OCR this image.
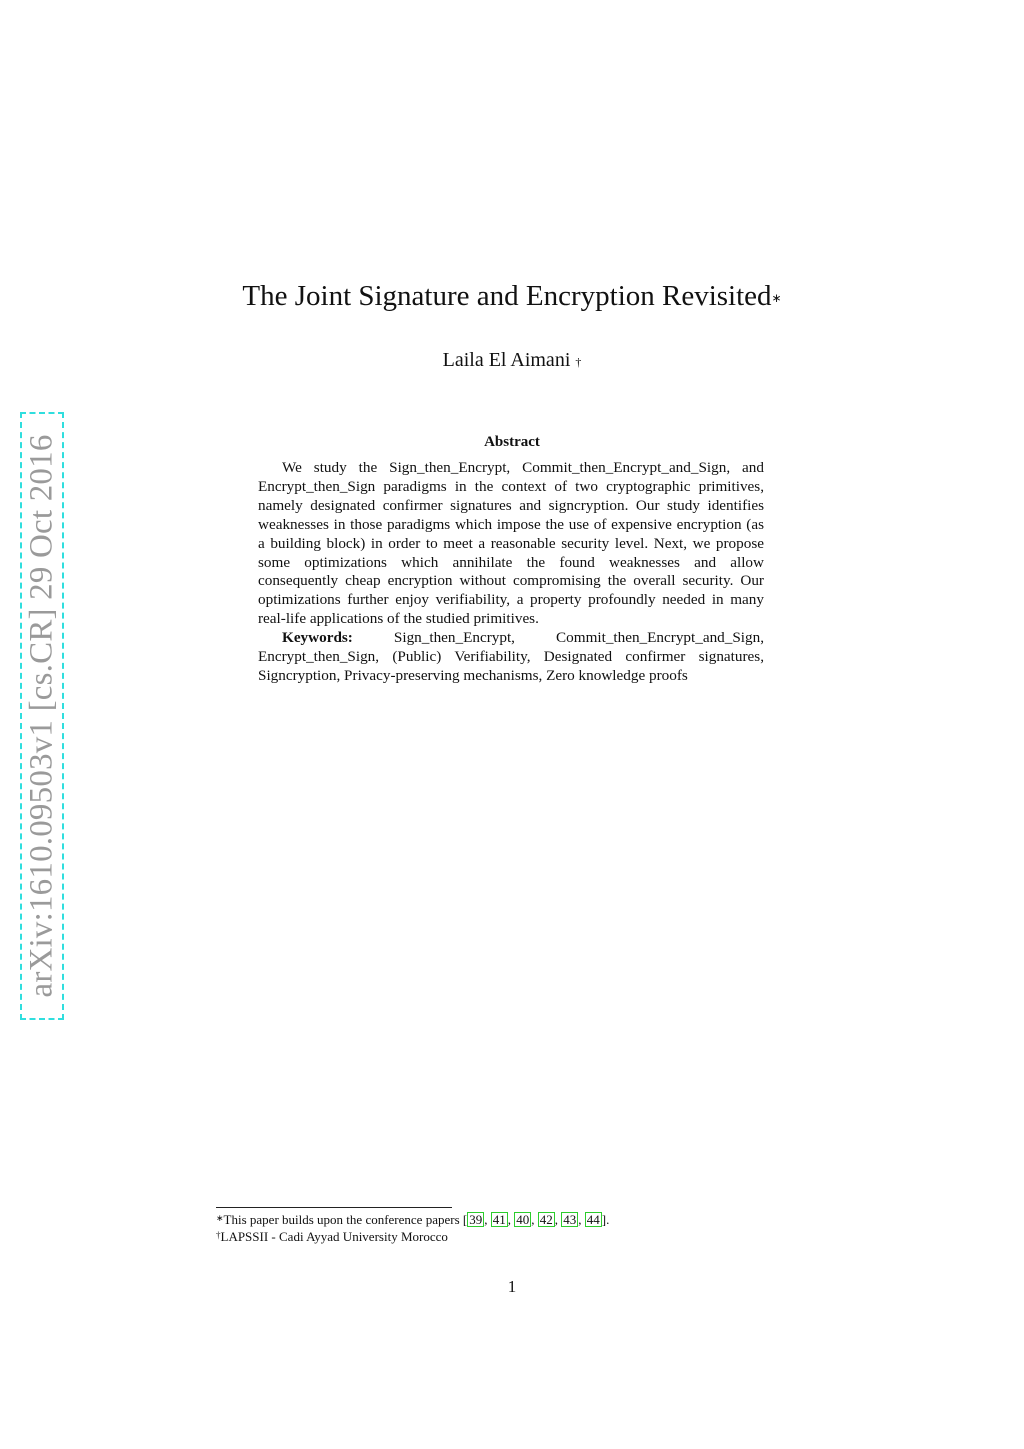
arXiv:1610.09503v1 [cs.CR] 29 Oct 2016
The Joint Signature and Encryption Revisited∗
Laila El Aimani †
Abstract

We study the Sign_then_Encrypt, Commit_then_Encrypt_and_Sign, and Encrypt_then_Sign paradigms in the context of two cryptographic primitives, namely designated confirmer signatures and signcryption. Our study identifies weaknesses in those paradigms which impose the use of expensive encryption (as a building block) in order to meet a reasonable security level. Next, we propose some optimizations which annihilate the found weaknesses and allow consequently cheap encryption without compromising the overall security. Our optimizations further enjoy verifiability, a property profoundly needed in many real-life applications of the studied primitives.

Keywords:	Sign_then_Encrypt, Commit_then_Encrypt_and_Sign, Encrypt_then_Sign, (Public) Verifiability, Designated confirmer signatures, Signcryption, Privacy-preserving mechanisms, Zero knowledge proofs

∗This paper builds upon the conference papers [ 39 , 41 , 40 , 42 , 43 , 44 ].
†LAPSSII - Cadi Ayyad University Morocco
1
